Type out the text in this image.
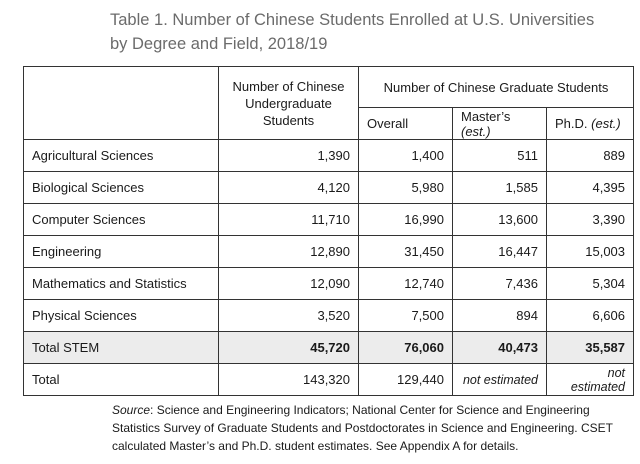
Table 1. Number of Chinese Students Enrolled at U.S. Universities by Degree and Field, 2018/19
	Number of Chinese Undergraduate Students	Number of Chinese Graduate Students		
		Overall	Master’s (est.)	Ph.D. (est.)
Agricultural Sciences	1,390	1,400	511	889
Biological Sciences	4,120	5,980	1,585	4,395
Computer Sciences	11,710	16,990	13,600	3,390
Engineering	12,890	31,450	16,447	15,003
Mathematics and Statistics	12,090	12,740	7,436	5,304
Physical Sciences	3,520	7,500	894	6,606
Total STEM	45,720	76,060	40,473	35,587
Total	143,320	129,440	not estimated	not estimated
Source: Science and Engineering Indicators; National Center for Science and Engineering Statistics Survey of Graduate Students and Postdoctorates in Science and Engineering. CSET calculated Master’s and Ph.D. student estimates. See Appendix A for details.
